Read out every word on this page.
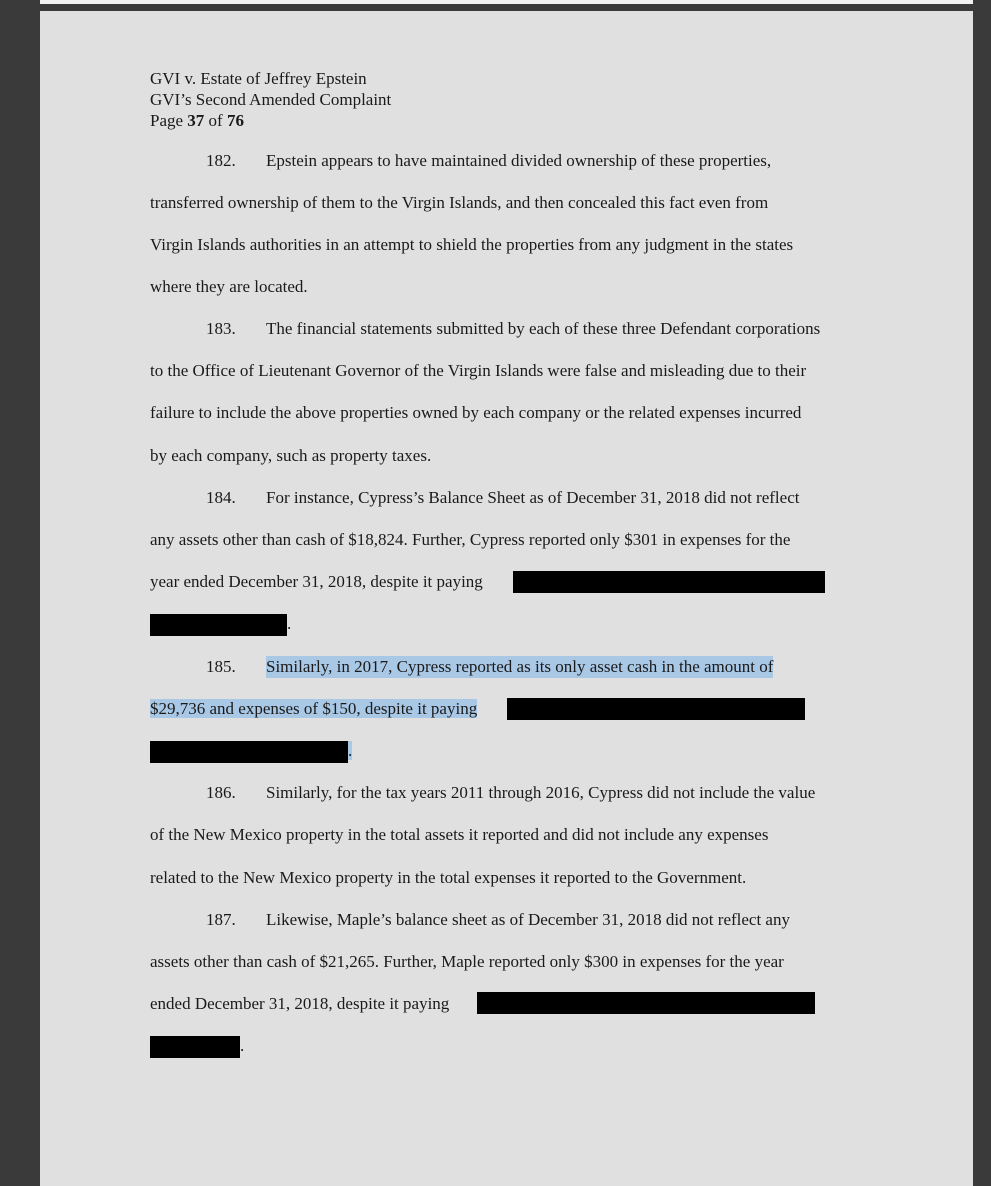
GVI v. Estate of Jeffrey Epstein
GVI’s Second Amended Complaint
Page 37 of 76
182. Epstein appears to have maintained divided ownership of these properties,
transferred ownership of them to the Virgin Islands, and then concealed this fact even from
Virgin Islands authorities in an attempt to shield the properties from any judgment in the states
where they are located.
183. The financial statements submitted by each of these three Defendant corporations
to the Office of Lieutenant Governor of the Virgin Islands were false and misleading due to their
failure to include the above properties owned by each company or the related expenses incurred
by each company, such as property taxes.
184. For instance, Cypress’s Balance Sheet as of December 31, 2018 did not reflect
any assets other than cash of $18,824. Further, Cypress reported only $301 in expenses for the
year ended December 31, 2018, despite it paying
.
185. Similarly, in 2017, Cypress reported as its only asset cash in the amount of
$29,736 and expenses of $150, despite it paying
.
186. Similarly, for the tax years 2011 through 2016, Cypress did not include the value
of the New Mexico property in the total assets it reported and did not include any expenses
related to the New Mexico property in the total expenses it reported to the Government.
187. Likewise, Maple’s balance sheet as of December 31, 2018 did not reflect any
assets other than cash of $21,265. Further, Maple reported only $300 in expenses for the year
ended December 31, 2018, despite it paying
.
